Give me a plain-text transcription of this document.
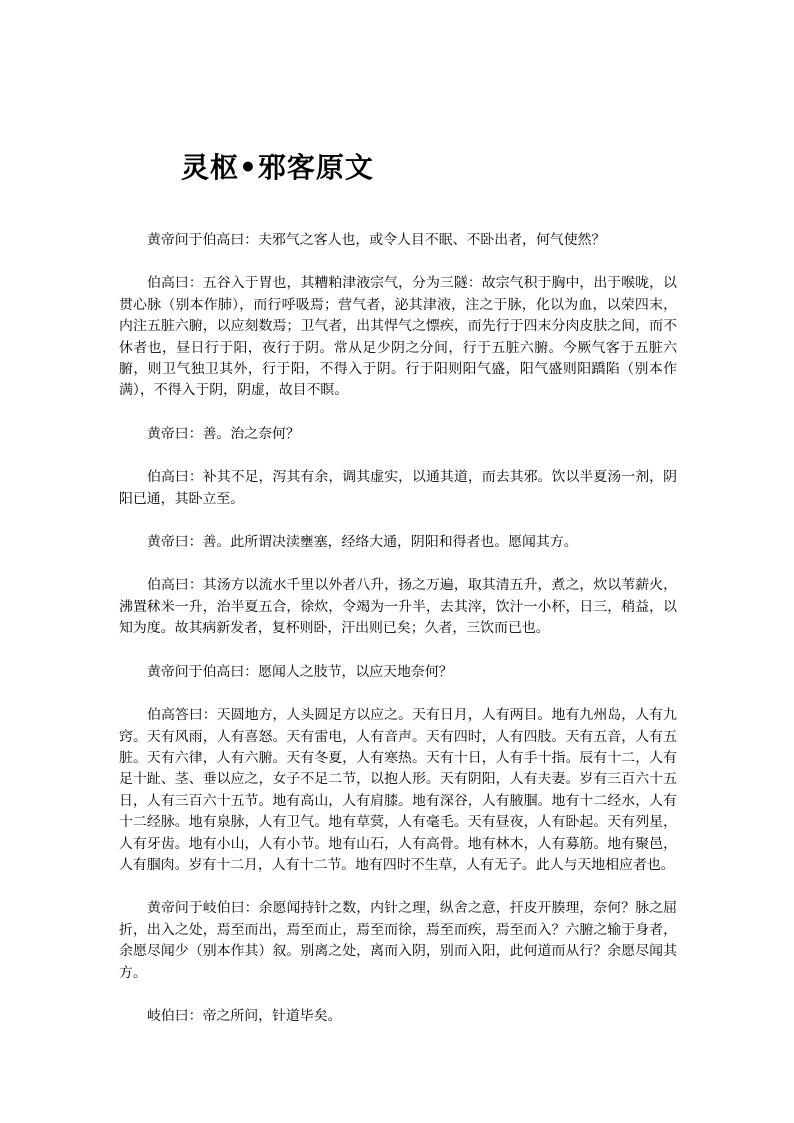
灵枢•邪客原文

黄帝问于伯高曰：夫邪气之客人也，或令人目不眠、不卧出者，何气使然？

伯高曰：五谷入于胃也，其糟粕津液宗气，分为三隧：故宗气积于胸中，出于喉咙，以贯心脉（别本作肺），而行呼吸焉；营气者，泌其津液，注之于脉，化以为血，以荣四末，内注五脏六腑，以应刻数焉；卫气者，出其悍气之慓疾，而先行于四末分肉皮肤之间，而不休者也，昼日行于阳，夜行于阴。常从足少阴之分间，行于五脏六腑。今厥气客于五脏六腑，则卫气独卫其外，行于阳，不得入于阴。行于阳则阳气盛，阳气盛则阳蹻陷（别本作满），不得入于阴，阴虚，故目不瞑。

黄帝曰：善。治之奈何？

伯高曰：补其不足，泻其有余，调其虚实，以通其道，而去其邪。饮以半夏汤一剂，阴阳已通，其卧立至。

黄帝曰：善。此所谓决渎壅塞，经络大通，阴阳和得者也。愿闻其方。

伯高曰：其汤方以流水千里以外者八升，扬之万遍，取其清五升，煮之，炊以苇薪火，沸置秫米一升，治半夏五合，徐炊，令竭为一升半，去其滓，饮汁一小杯，日三，稍益，以知为度。故其病新发者，复杯则卧，汗出则已矣；久者，三饮而已也。

黄帝问于伯高曰：愿闻人之肢节，以应天地奈何？

伯高答曰：天圆地方，人头圆足方以应之。天有日月，人有两目。地有九州岛，人有九窍。天有风雨，人有喜怒。天有雷电，人有音声。天有四时，人有四肢。天有五音，人有五脏。天有六律，人有六腑。天有冬夏，人有寒热。天有十日，人有手十指。辰有十二，人有足十趾、茎、垂以应之，女子不足二节，以抱人形。天有阴阳，人有夫妻。岁有三百六十五日，人有三百六十五节。地有高山，人有肩膝。地有深谷，人有腋腘。地有十二经水，人有十二经脉。地有泉脉，人有卫气。地有草蓂，人有毫毛。天有昼夜，人有卧起。天有列星，人有牙齿。地有小山，人有小节。地有山石，人有高骨。地有林木，人有募筋。地有聚邑，人有腘肉。岁有十二月，人有十二节。地有四时不生草，人有无子。此人与天地相应者也。

黄帝问于岐伯曰：余愿闻持针之数，内针之理，纵舍之意，扞皮开腠理，奈何？脉之屈折，出入之处，焉至而出，焉至而止，焉至而徐，焉至而疾，焉至而入？六腑之输于身者，余愿尽闻少（别本作其）叙。别离之处，离而入阴，别而入阳，此何道而从行？余愿尽闻其方。

岐伯曰：帝之所问，针道毕矣。
